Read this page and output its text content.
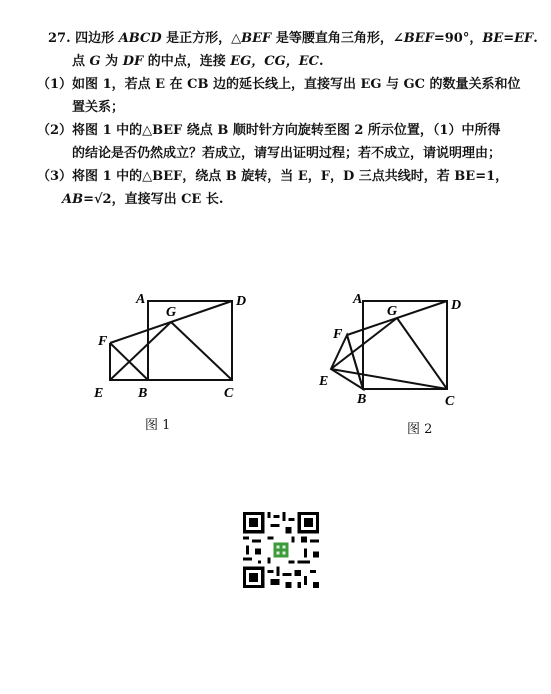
27. 四边形 ABCD 是正方形，△BEF 是等腰直角三角形，∠BEF=90°，BE=EF.
点 G 为 DF 的中点，连接 EG，CG，EC.
（1）如图 1，若点 E 在 CB 边的延长线上，直接写出 EG 与 GC 的数量关系和位
置关系；
（2）将图 1 中的△BEF 绕点 B 顺时针方向旋转至图 2 所示位置，（1）中所得
的结论是否仍然成立？若成立，请写出证明过程；若不成立，请说明理由；
（3）将图 1 中的△BEF，绕点 B 旋转，当 E，F，D 三点共线时，若 BE=1，
AB=√2，直接写出 CE 长.
A	D
G
F
E B	C
图 1
A	D
G
F
E
B	C
图 2
